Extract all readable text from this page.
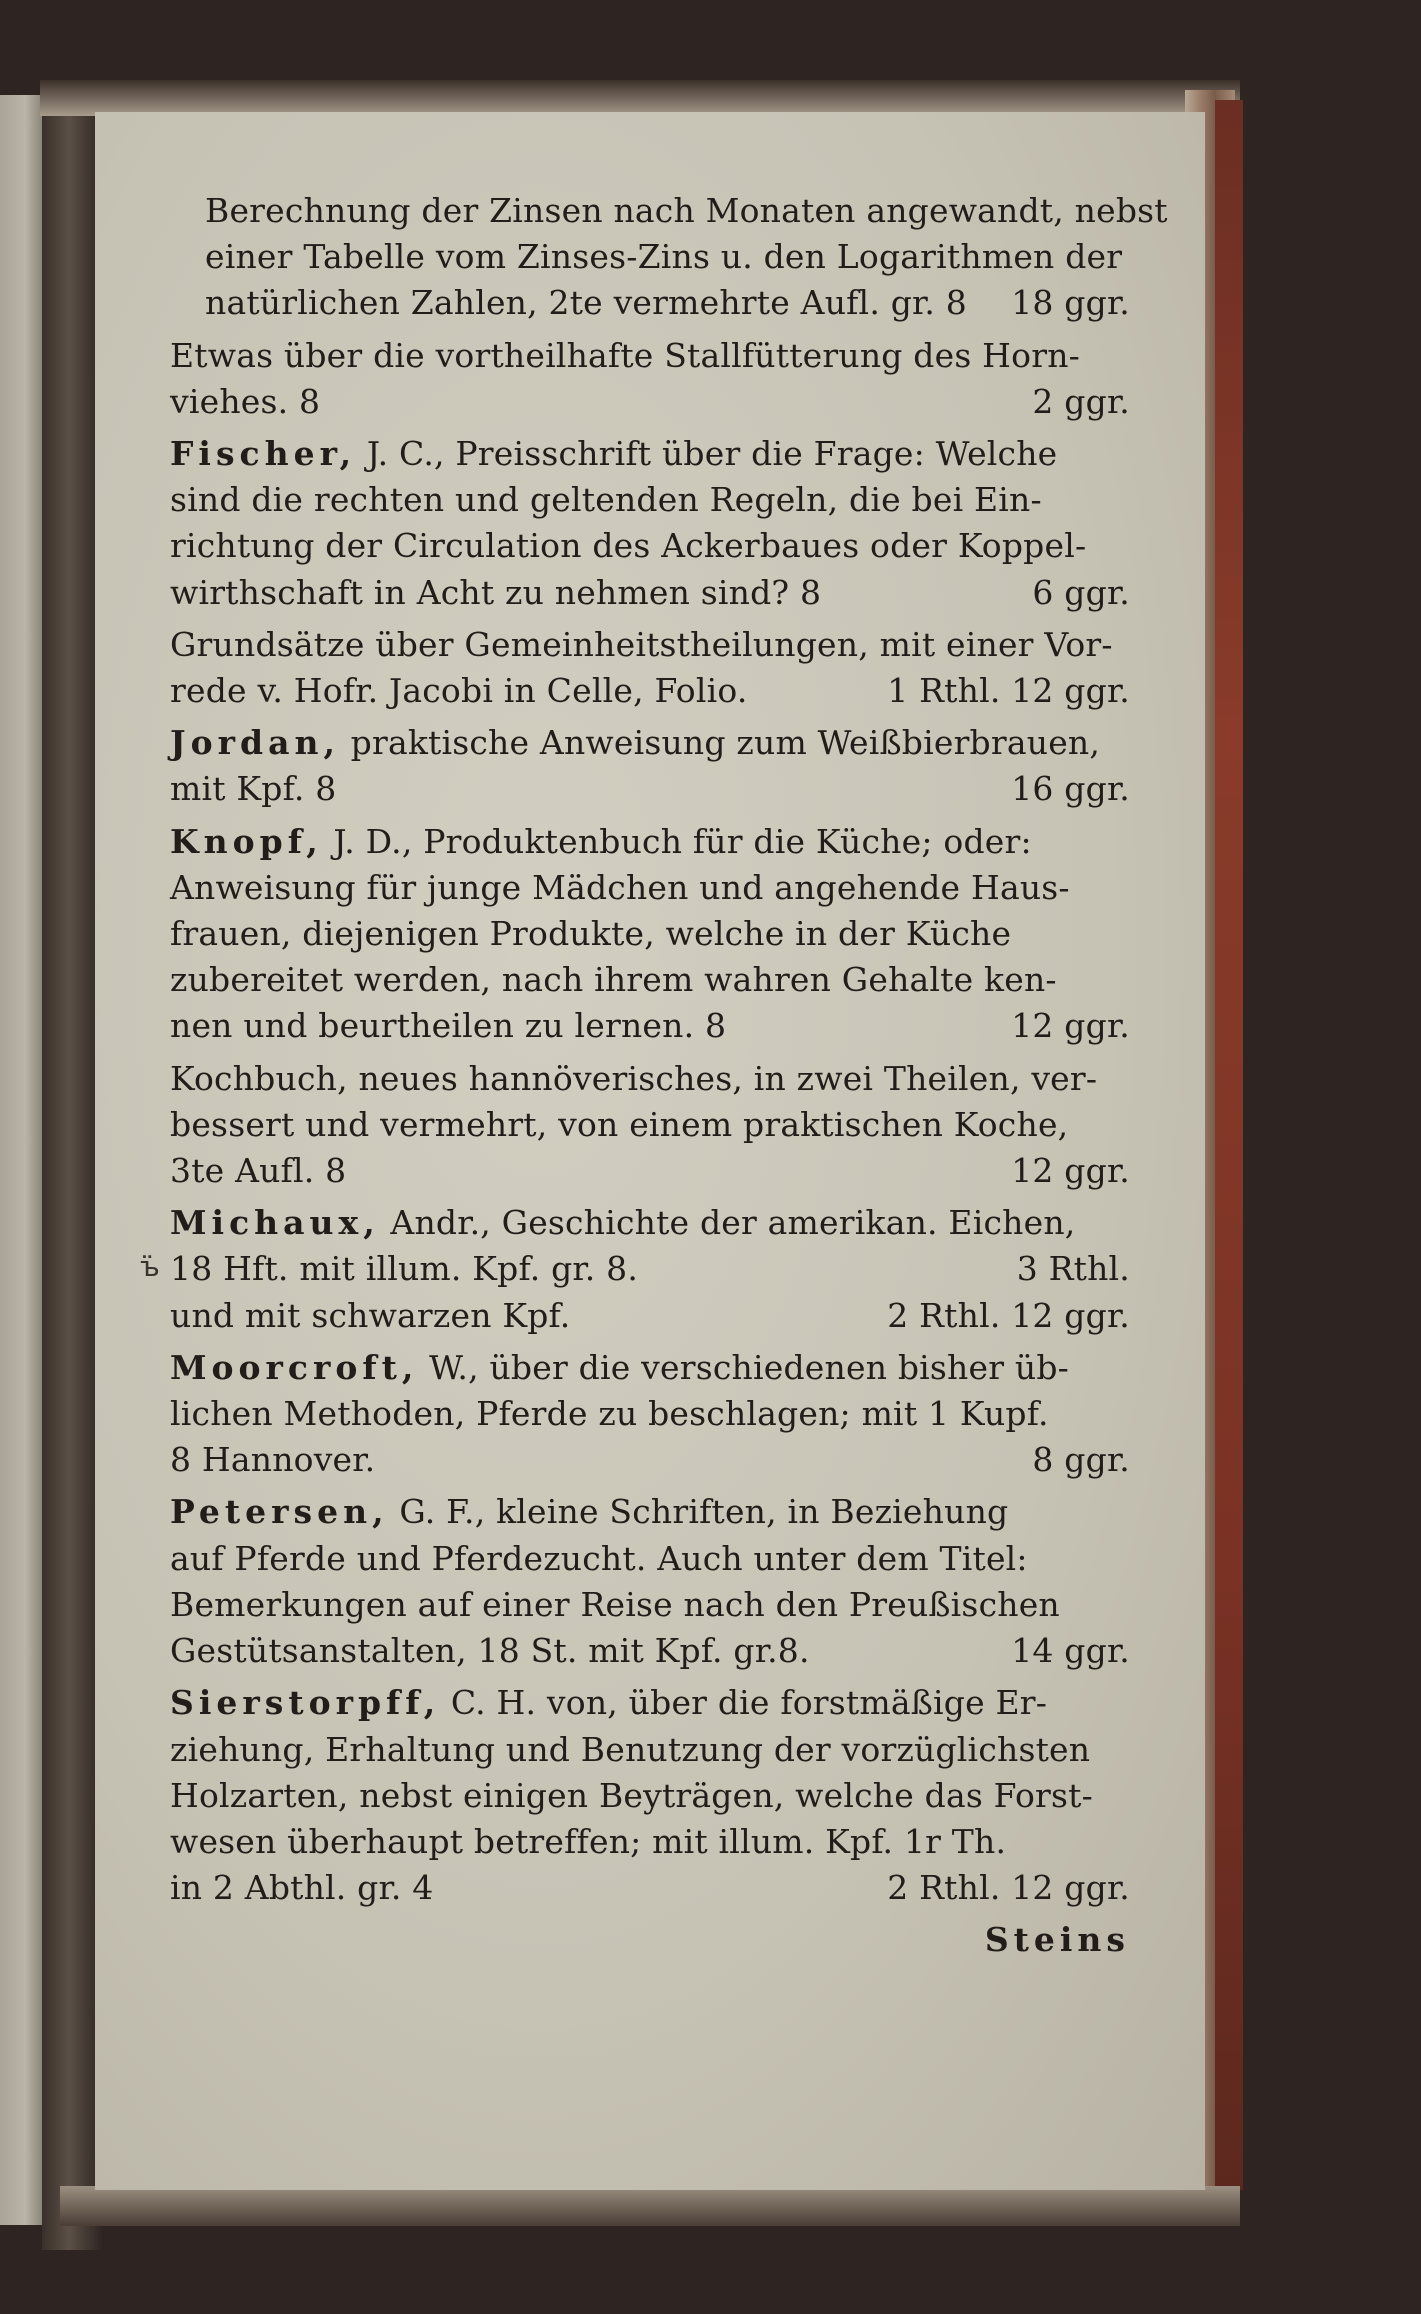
Berechnung der Zinsen nach Monaten angewandt, nebst
einer Tabelle vom Zinses-Zins u. den Logarithmen der
natürlichen Zahlen, 2te vermehrte Aufl. gr. 8	18 ggr.
Etwas über die vortheilhafte Stallfütterung des Horn-
viehes. 8	2 ggr.
Fischer, J. C., Preisschrift über die Frage: Welche
sind die rechten und geltenden Regeln, die bei Ein-
richtung der Circulation des Ackerbaues oder Koppel-
wirthschaft in Acht zu nehmen sind? 8	6 ggr.
Grundsätze über Gemeinheitstheilungen, mit einer Vor-
rede v. Hofr. Jacobi in Celle, Folio.	1 Rthl. 12 ggr.
Jordan, praktische Anweisung zum Weißbierbrauen,
mit Kpf. 8	16 ggr.
Knopf, J. D., Produktenbuch für die Küche; oder:
Anweisung für junge Mädchen und angehende Haus-
frauen, diejenigen Produkte, welche in der Küche
zubereitet werden, nach ihrem wahren Gehalte ken-
nen und beurtheilen zu lernen. 8	12 ggr.
Kochbuch, neues hannöverisches, in zwei Theilen, ver-
bessert und vermehrt, von einem praktischen Koche,
3te Aufl. 8	12 ggr.
Michaux, Andr., Geschichte der amerikan. Eichen,
18 Hft. mit illum. Kpf. gr. 8.	3 Rthl.
und mit schwarzen Kpf.	2 Rthl. 12 ggr.
Moorcroft, W., über die verschiedenen bisher üb-
lichen Methoden, Pferde zu beschlagen; mit 1 Kupf.
8 Hannover.	8 ggr.
Petersen, G. F., kleine Schriften, in Beziehung
auf Pferde und Pferdezucht. Auch unter dem Titel:
Bemerkungen auf einer Reise nach den Preußischen
Gestütsanstalten, 18 St. mit Kpf. gr.8.	14 ggr.
Sierstorpff, C. H. von, über die forstmäßige Er-
ziehung, Erhaltung und Benutzung der vorzüglichsten
Holzarten, nebst einigen Beyträgen, welche das Forst-
wesen überhaupt betreffen; mit illum. Kpf. 1r Th.
in 2 Abthl. gr. 4	2 Rthl. 12 ggr.
Steins
ъ̈
